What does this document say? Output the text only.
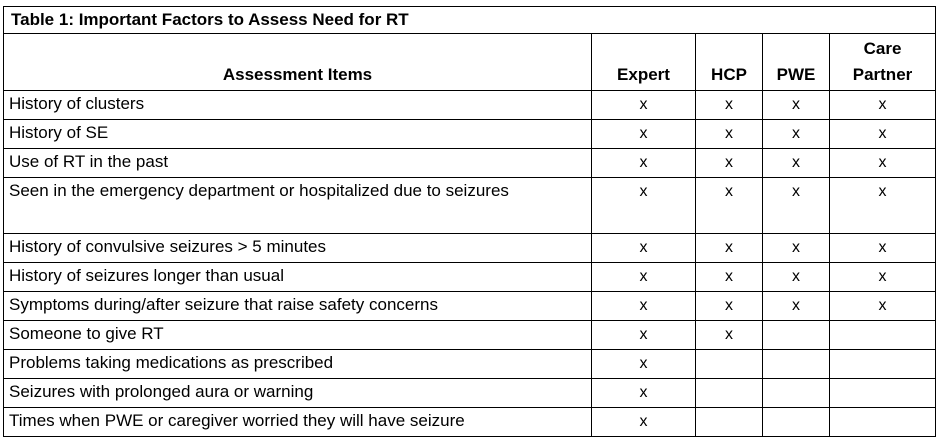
Table 1: Important Factors to Assess Need for RT				
Assessment Items	Expert	HCP	PWE	Care Partner
History of clusters	x	x	x	x
History of SE	x	x	x	x
Use of RT in the past	x	x	x	x
Seen in the emergency department or hospitalized due to seizures	x	x	x	x
History of convulsive seizures > 5 minutes	x	x	x	x
History of seizures longer than usual	x	x	x	x
Symptoms during/after seizure that raise safety concerns	x	x	x	x
Someone to give RT	x	x		
Problems taking medications as prescribed	x			
Seizures with prolonged aura or warning	x			
Times when PWE or caregiver worried they will have seizure	x			
